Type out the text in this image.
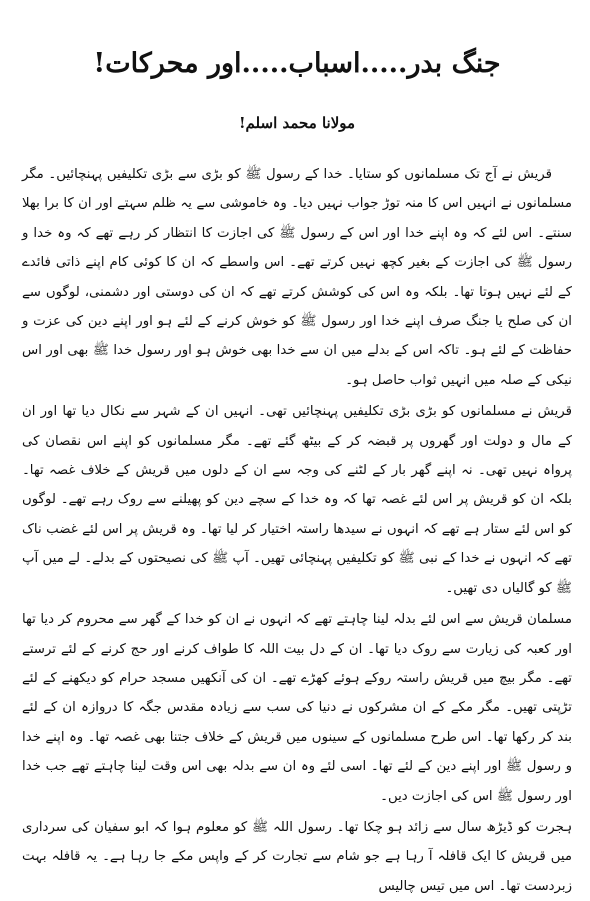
جنگ بدر.....اسباب.....اور محرکات!
مولانا محمد اسلم!

قریش نے آج تک مسلمانوں کو ستایا۔ خدا کے رسول ﷺ کو بڑی سے بڑی تکلیفیں پہنچائیں۔ مگر مسلمانوں نے انہیں اس کا منہ توڑ جواب نہیں دیا۔ وہ خاموشی سے یہ ظلم سہتے اور ان کا برا بھلا سنتے۔ اس لئے کہ وہ اپنے خدا اور اس کے رسول ﷺ کی اجازت کا انتظار کر رہے تھے کہ وہ خدا و رسول ﷺ کی اجازت کے بغیر کچھ نہیں کرتے تھے۔ اس واسطے کہ ان کا کوئی کام اپنے ذاتی فائدے کے لئے نہیں ہوتا تھا۔ بلکہ وہ اس کی کوشش کرتے تھے کہ ان کی دوستی اور دشمنی، لوگوں سے ان کی صلح یا جنگ صرف اپنے خدا اور رسول ﷺ کو خوش کرنے کے لئے ہو اور اپنے دین کی عزت و حفاظت کے لئے ہو۔ تاکہ اس کے بدلے میں ان سے خدا بھی خوش ہو اور رسول خدا ﷺ بھی اور اس نیکی کے صلہ میں انہیں ثواب حاصل ہو۔

قریش نے مسلمانوں کو بڑی بڑی تکلیفیں پہنچائیں تھی۔ انہیں ان کے شہر سے نکال دیا تھا اور ان کے مال و دولت اور گھروں پر قبضہ کر کے بیٹھ گئے تھے۔ مگر مسلمانوں کو اپنے اس نقصان کی پرواہ نہیں تھی۔ نہ اپنے گھر بار کے لٹنے کی وجہ سے ان کے دلوں میں قریش کے خلاف غصہ تھا۔ بلکہ ان کو قریش پر اس لئے غصہ تھا کہ وہ خدا کے سچے دین کو پھیلنے سے روک رہے تھے۔ لوگوں کو اس لئے ستار ہے تھے کہ انہوں نے سیدھا راستہ اختیار کر لیا تھا۔ وہ قریش پر اس لئے غضب ناک تھے کہ انہوں نے خدا کے نبی ﷺ کو تکلیفیں پہنچائی تھیں۔ آپ ﷺ کی نصیحتوں کے بدلے۔ لے میں آپ ﷺ کو گالیاں دی تھیں۔

مسلمان قریش سے اس لئے بدلہ لینا چاہتے تھے کہ انہوں نے ان کو خدا کے گھر سے محروم کر دیا تھا اور کعبہ کی زیارت سے روک دیا تھا۔ ان کے دل بیت اللہ کا طواف کرنے اور حج کرنے کے لئے ترستے تھے۔ مگر بیچ میں قریش راستہ روکے ہوئے کھڑے تھے۔ ان کی آنکھیں مسجد حرام کو دیکھنے کے لئے تڑپتی تھیں۔ مگر مکے کے ان مشرکوں نے دنیا کی سب سے زیادہ مقدس جگہ کا دروازہ ان کے لئے بند کر رکھا تھا۔ اس طرح مسلمانوں کے سینوں میں قریش کے خلاف جتنا بھی غصہ تھا۔ وہ اپنے خدا و رسول ﷺ اور اپنے دین کے لئے تھا۔ اسی لئے وہ ان سے بدلہ بھی اس وقت لینا چاہتے تھے جب خدا اور رسول ﷺ اس کی اجازت دیں۔

ہجرت کو ڈیڑھ سال سے زائد ہو چکا تھا۔ رسول اللہ ﷺ کو معلوم ہوا کہ ابو سفیان کی سرداری میں قریش کا ایک قافلہ آ رہا ہے جو شام سے تجارت کر کے واپس مکے جا رہا ہے۔ یہ قافلہ بہت زبردست تھا۔ اس میں تیس چالیس
